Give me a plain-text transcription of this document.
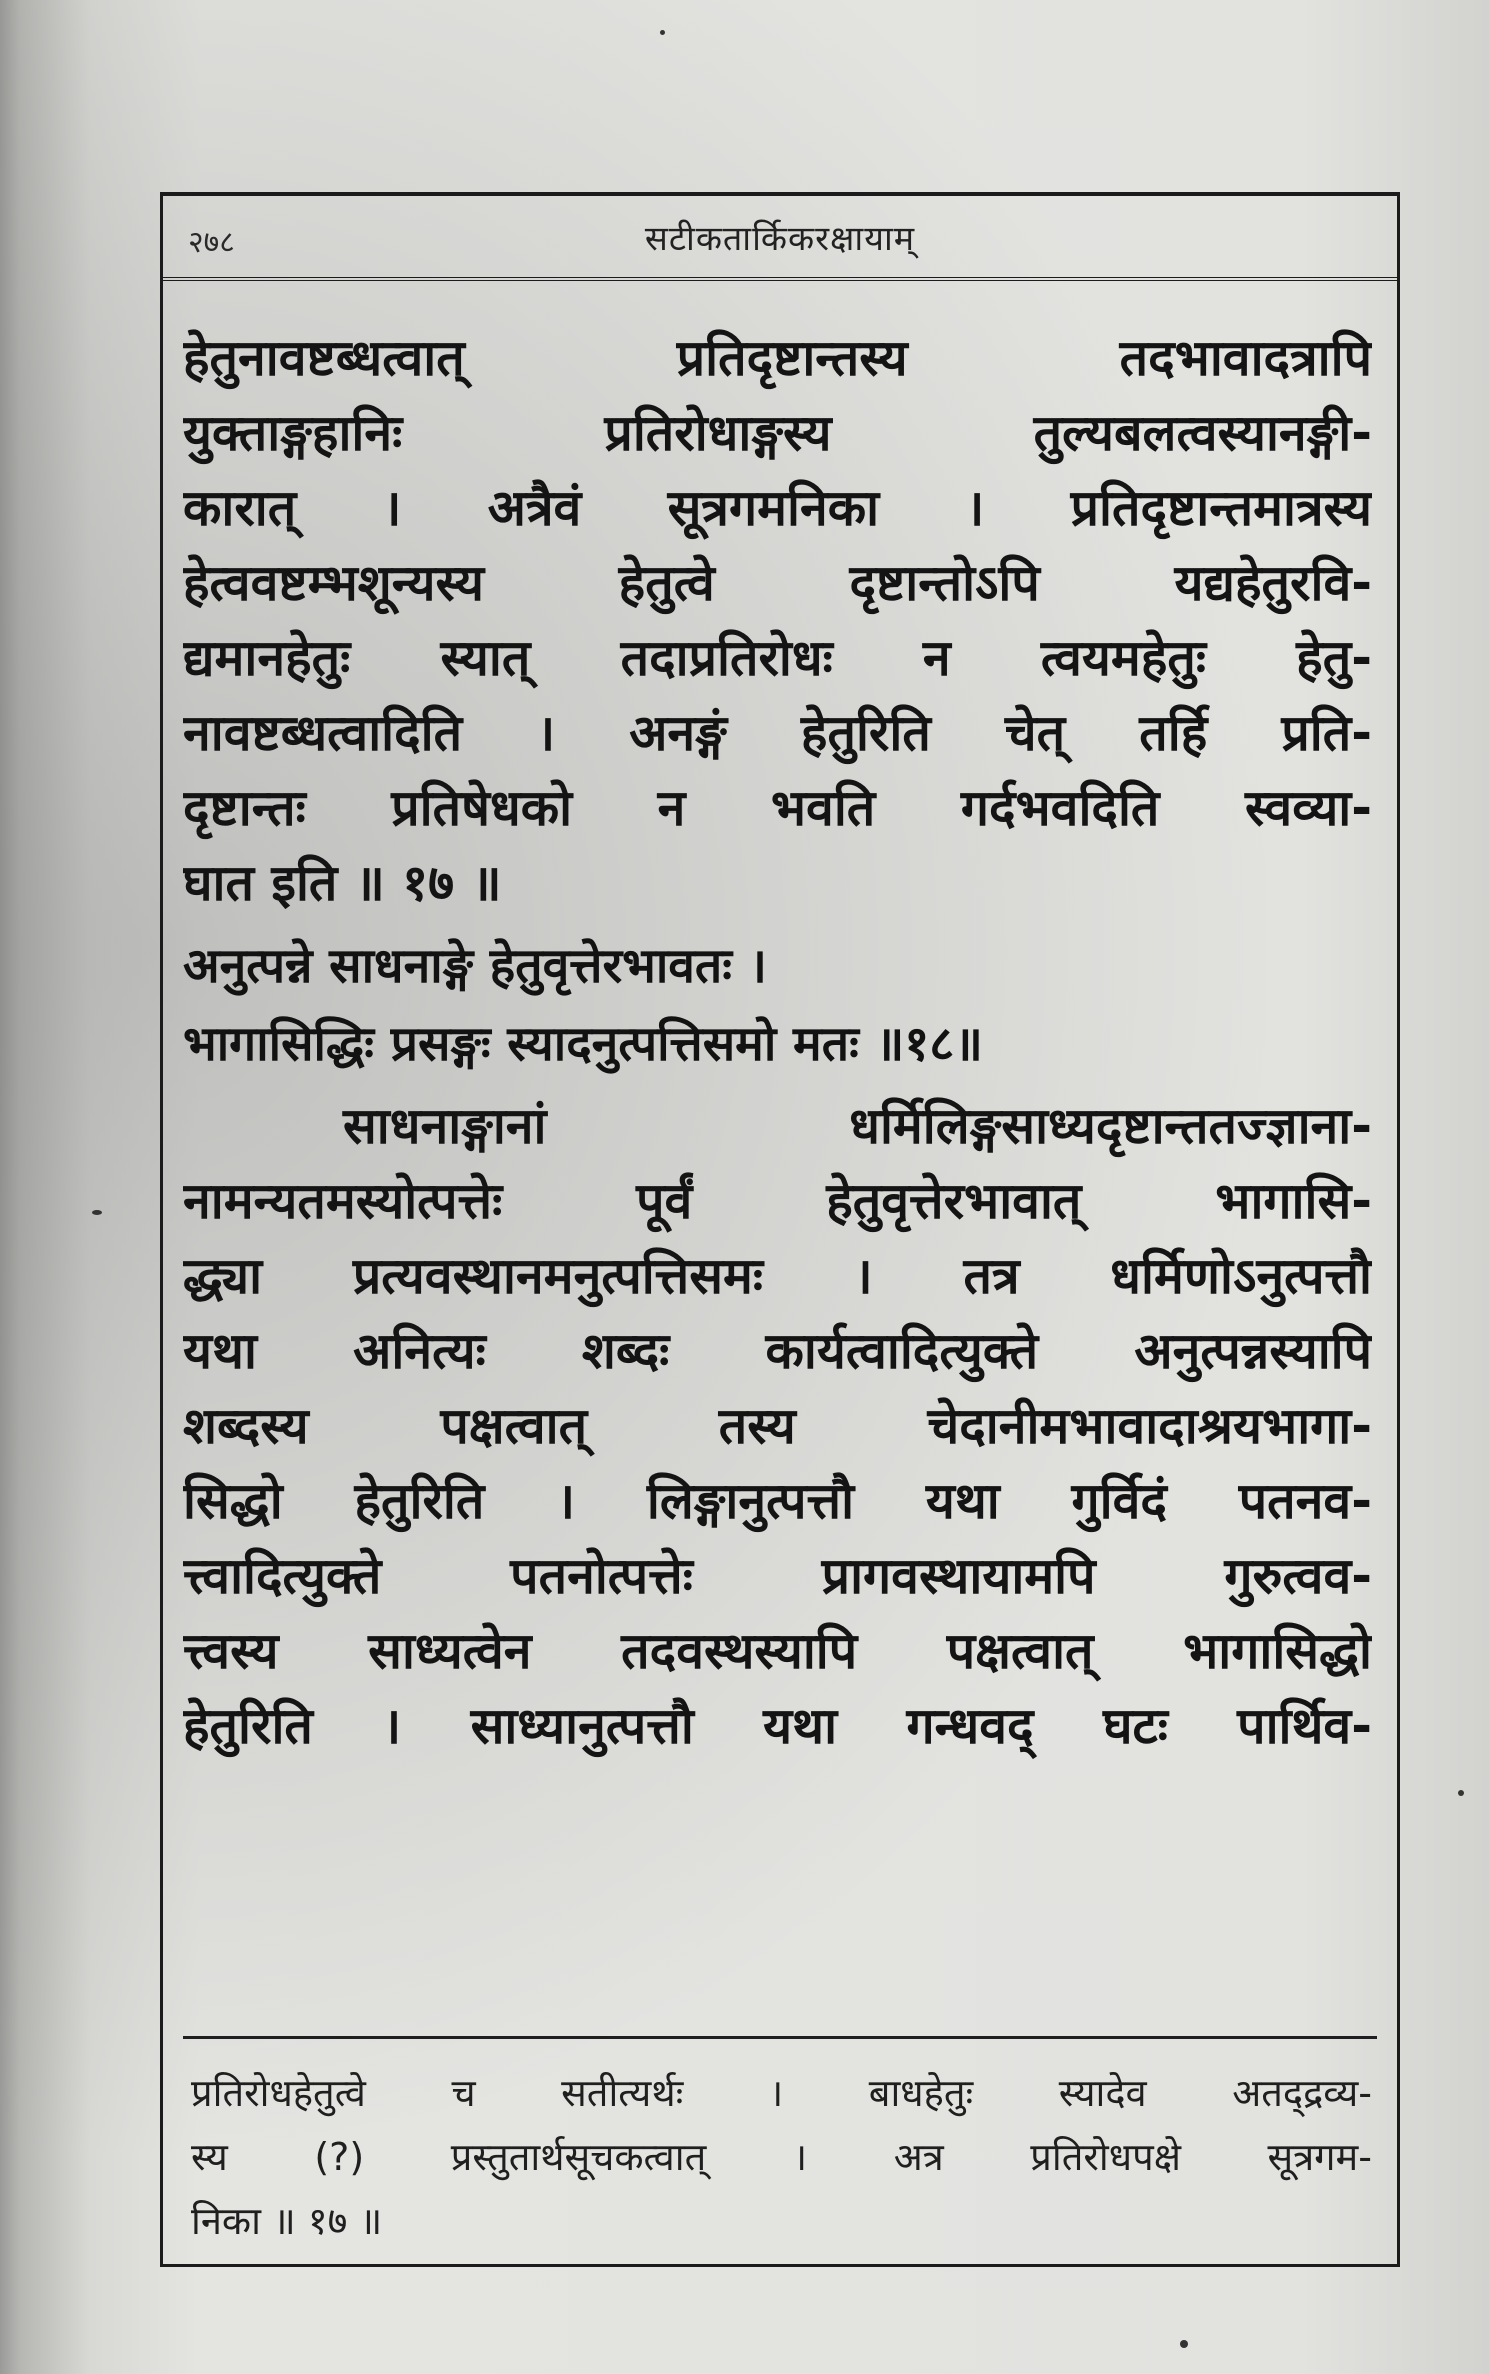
२७८	सटीकतार्किकरक्षायाम्
हेतुनावष्टब्धत्वात् प्रतिदृष्टान्तस्य तदभावादत्रापि
युक्ताङ्गहानिः प्रतिरोधाङ्गस्य तुल्यबलत्वस्यानङ्गी-
कारात् । अत्रैवं सूत्रगमनिका । प्रतिदृष्टान्तमात्रस्य
हेत्ववष्टम्भशून्यस्य हेतुत्वे दृष्टान्तोऽपि यद्यहेतुरवि-
द्यमानहेतुः स्यात् तदाप्रतिरोधः न त्वयमहेतुः हेतु-
नावष्टब्धत्वादिति । अनङ्गं हेतुरिति चेत् तर्हि प्रति-
दृष्टान्तः प्रतिषेधको न भवति गर्दभवदिति स्वव्या-
घात इति ॥ १७ ॥
अनुत्पन्ने साधनाङ्गे हेतुवृत्तेरभावतः ।
भागासिद्धिः प्रसङ्गः स्यादनुत्पत्तिसमो मतः ॥१८॥
साधनाङ्गानां धर्मिलिङ्गसाध्यदृष्टान्ततज्ज्ञाना-
नामन्यतमस्योत्पत्तेः पूर्वं हेतुवृत्तेरभावात् भागासि-
द्ध्या प्रत्यवस्थानमनुत्पत्तिसमः । तत्र धर्मिणोऽनुत्पत्तौ
यथा अनित्यः शब्दः कार्यत्वादित्युक्ते अनुत्पन्नस्यापि
शब्दस्य पक्षत्वात् तस्य चेदानीमभावादाश्रयभागा-
सिद्धो हेतुरिति । लिङ्गानुत्पत्तौ यथा गुर्विदं पतनव-
त्त्वादित्युक्ते पतनोत्पत्तेः प्रागवस्थायामपि गुरुत्वव-
त्त्वस्य साध्यत्वेन तदवस्थस्यापि पक्षत्वात् भागासिद्धो
हेतुरिति । साध्यानुत्पत्तौ यथा गन्धवद् घटः पार्थिव-
प्रतिरोधहेतुत्वे च सतीत्यर्थः । बाधहेतुः स्यादेव अतद्द्रव्य-
स्य (?) प्रस्तुतार्थसूचकत्वात् । अत्र प्रतिरोधपक्षे सूत्रगम-
निका ॥ १७ ॥
